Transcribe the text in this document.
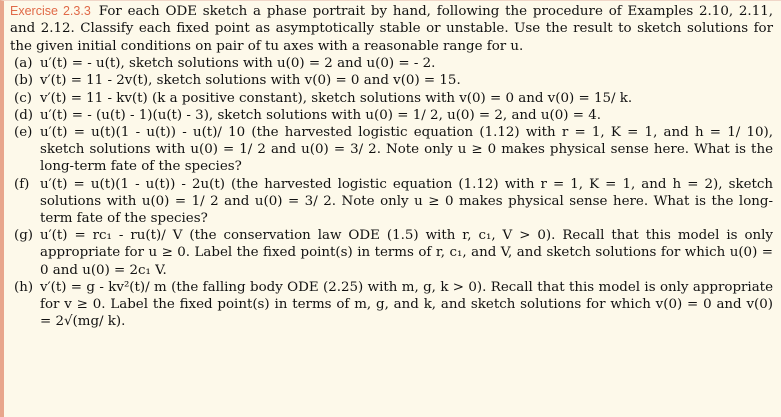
Exercise 2.3.3 For each ODE sketch a phase portrait by hand, following the procedure of Examples 2.10, 2.11, and 2.12. Classify each fixed point as asymptotically stable or unstable. Use the result to sketch solutions for the given initial conditions on pair of tu axes with a reasonable range for u.

(a) u′(t) = - u(t), sketch solutions with u(0) = 2 and u(0) = - 2.
(b) v′(t) = 11 - 2v(t), sketch solutions with v(0) = 0 and v(0) = 15.
(c) v′(t) = 11 - kv(t) (k a positive constant), sketch solutions with v(0) = 0 and v(0) = 15/ k.
(d) u′(t) = - (u(t) - 1)(u(t) - 3), sketch solutions with u(0) = 1/ 2, u(0) = 2, and u(0) = 4.
(e) u′(t) = u(t)(1 - u(t)) - u(t)/ 10 (the harvested logistic equation (1.12) with r = 1, K = 1, and h = 1/ 10), sketch solutions with u(0) = 1/ 2 and u(0) = 3/ 2. Note only u ≥ 0 makes physical sense here. What is the long-term fate of the species?
(f) u′(t) = u(t)(1 - u(t)) - 2u(t) (the harvested logistic equation (1.12) with r = 1, K = 1, and h = 2), sketch solutions with u(0) = 1/ 2 and u(0) = 3/ 2. Note only u ≥ 0 makes physical sense here. What is the long-term fate of the species?
(g) u′(t) = rc₁ - ru(t)/ V (the conservation law ODE (1.5) with r, c₁, V > 0). Recall that this model is only appropriate for u ≥ 0. Label the fixed point(s) in terms of r, c₁, and V, and sketch solutions for which u(0) = 0 and u(0) = 2c₁ V.
(h) v′(t) = g - kv²(t)/ m (the falling body ODE (2.25) with m, g, k > 0). Recall that this model is only appropriate for v ≥ 0. Label the fixed point(s) in terms of m, g, and k, and sketch solutions for which v(0) = 0 and v(0) = 2√(mg/ k).
